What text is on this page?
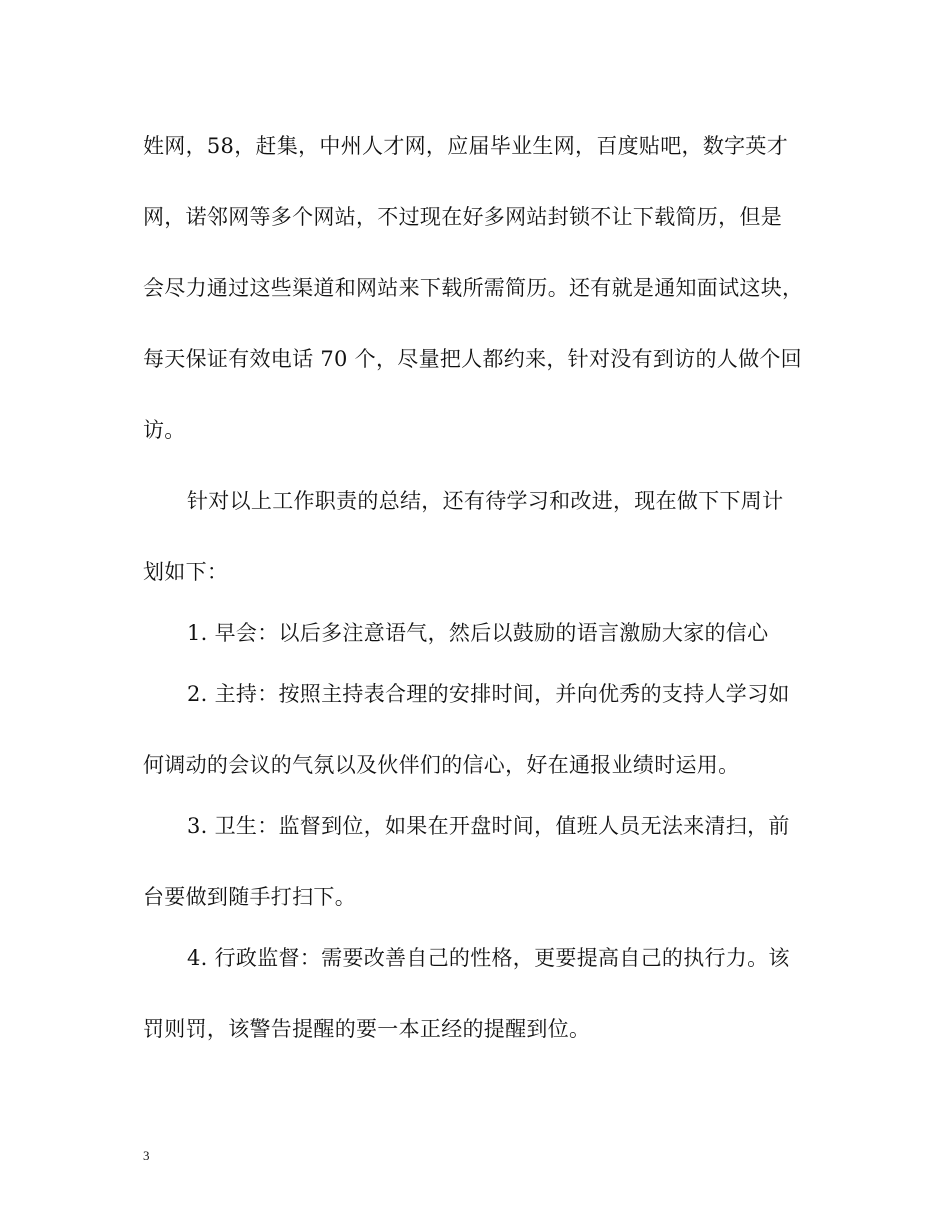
姓网，58，赶集，中州人才网，应届毕业生网，百度贴吧，数字英才
网，诺邻网等多个网站，不过现在好多网站封锁不让下载简历，但是
会尽力通过这些渠道和网站来下载所需简历。还有就是通知面试这块，
每天保证有效电话 70 个，尽量把人都约来，针对没有到访的人做个回
访。
针对以上工作职责的总结，还有待学习和改进，现在做下下周计
划如下：
1. 早会：以后多注意语气，然后以鼓励的语言激励大家的信心
2. 主持：按照主持表合理的安排时间，并向优秀的支持人学习如
何调动的会议的气氛以及伙伴们的信心，好在通报业绩时运用。
3. 卫生：监督到位，如果在开盘时间，值班人员无法来清扫，前
台要做到随手打扫下。
4. 行政监督：需要改善自己的性格，更要提高自己的执行力。该
罚则罚，该警告提醒的要一本正经的提醒到位。
3
